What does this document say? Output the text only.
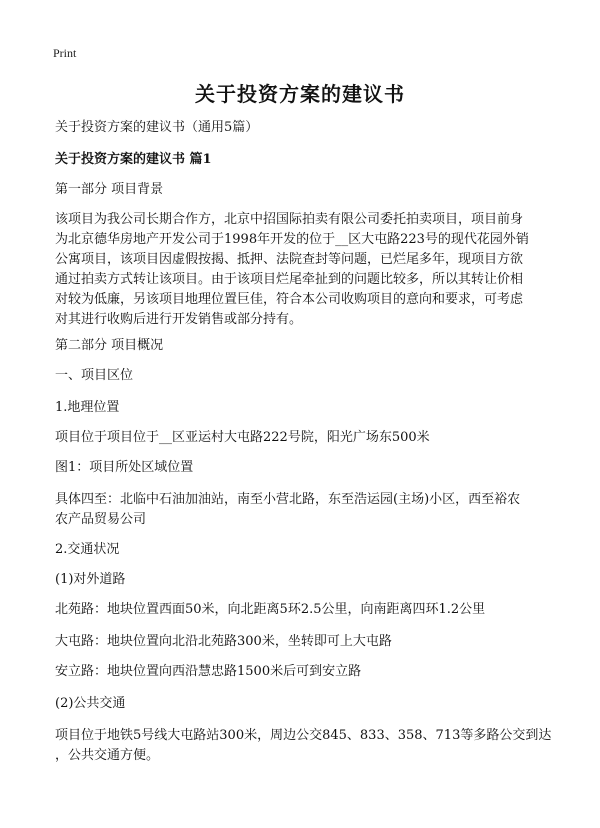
Print
关于投资方案的建议书
关于投资方案的建议书（通用5篇）
关于投资方案的建议书 篇1
第一部分 项目背景
该项目为我公司长期合作方，北京中招国际拍卖有限公司委托拍卖项目，项目前身
为北京德华房地产开发公司于1998年开发的位于__区大屯路223号的现代花园外销
公寓项目，该项目因虚假按揭、抵押、法院查封等问题，已烂尾多年，现项目方欲
通过拍卖方式转让该项目。由于该项目烂尾牵扯到的问题比较多，所以其转让价相
对较为低廉，另该项目地理位置巨佳，符合本公司收购项目的意向和要求，可考虑
对其进行收购后进行开发销售或部分持有。
第二部分 项目概况
一、项目区位
1.地理位置
项目位于项目位于__区亚运村大屯路222号院，阳光广场东500米
图1：项目所处区域位置
具体四至：北临中石油加油站，南至小营北路，东至浩运园(主场)小区，西至裕农
农产品贸易公司
2.交通状况
(1)对外道路
北苑路：地块位置西面50米，向北距离5环2.5公里，向南距离四环1.2公里
大屯路：地块位置向北沿北苑路300米，坐转即可上大屯路
安立路：地块位置向西沿慧忠路1500米后可到安立路
(2)公共交通
项目位于地铁5号线大屯路站300米，周边公交845、833、358、713等多路公交到达
，公共交通方便。
